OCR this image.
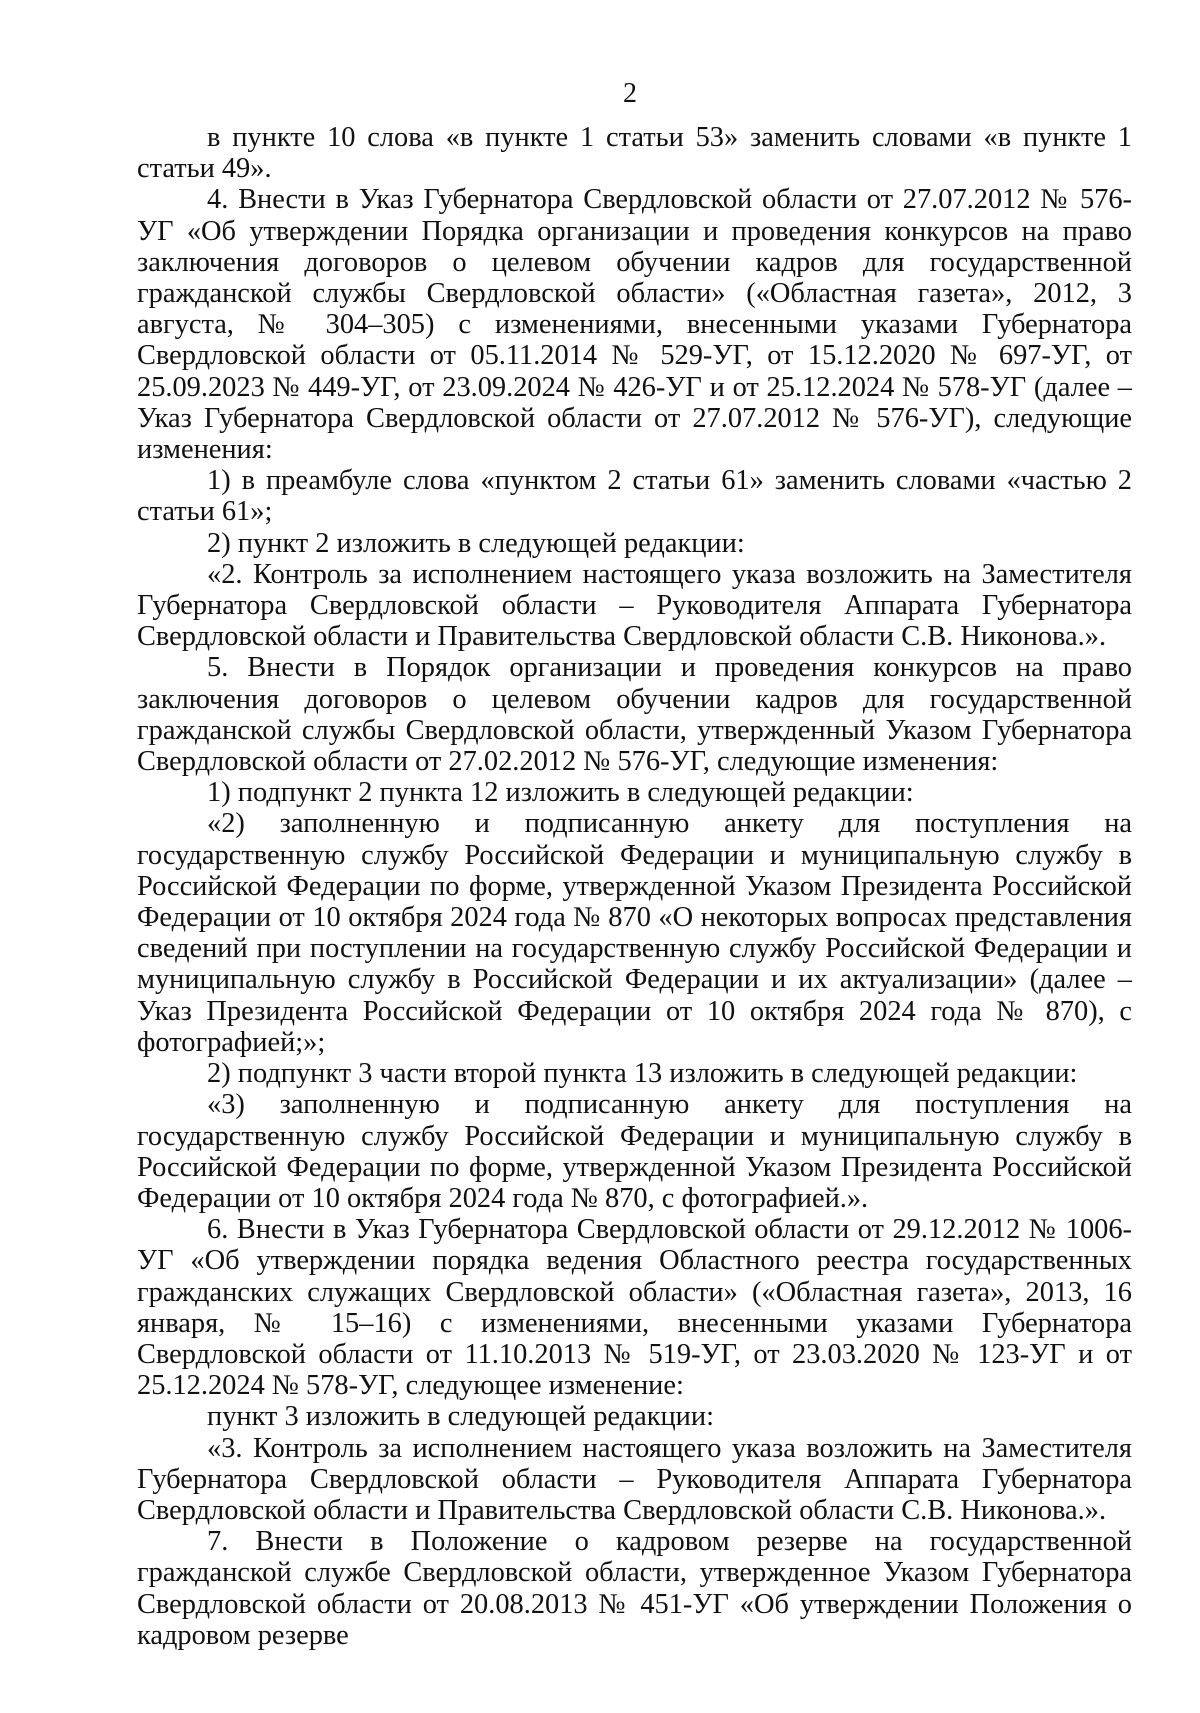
2

в пункте 10 слова «в пункте 1 статьи 53» заменить словами «в пункте 1 статьи 49».

4. Внести в Указ Губернатора Свердловской области от 27.07.2012 № 576-УГ «Об утверждении Порядка организации и проведения конкурсов на право заключения договоров о целевом обучении кадров для государственной гражданской службы Свердловской области» («Областная газета», 2012, 3 августа, № 304–305) с изменениями, внесенными указами Губернатора Свердловской области от 05.11.2014 № 529-УГ, от 15.12.2020 № 697-УГ, от 25.09.2023 № 449-УГ, от 23.09.2024 № 426-УГ и от 25.12.2024 № 578-УГ (далее – Указ Губернатора Свердловской области от 27.07.2012 № 576-УГ), следующие изменения:

1) в преамбуле слова «пунктом 2 статьи 61» заменить словами «частью 2 статьи 61»;

2) пункт 2 изложить в следующей редакции:

«2. Контроль за исполнением настоящего указа возложить на Заместителя Губернатора Свердловской области – Руководителя Аппарата Губернатора Свердловской области и Правительства Свердловской области С.В. Никонова.».

5. Внести в Порядок организации и проведения конкурсов на право заключения договоров о целевом обучении кадров для государственной гражданской службы Свердловской области, утвержденный Указом Губернатора Свердловской области от 27.02.2012 № 576-УГ, следующие изменения:

1) подпункт 2 пункта 12 изложить в следующей редакции:

«2) заполненную и подписанную анкету для поступления на государственную службу Российской Федерации и муниципальную службу в Российской Федерации по форме, утвержденной Указом Президента Российской Федерации от 10 октября 2024 года № 870 «О некоторых вопросах представления сведений при поступлении на государственную службу Российской Федерации и муниципальную службу в Российской Федерации и их актуализации» (далее – Указ Президента Российской Федерации от 10 октября 2024 года № 870), с фотографией;»;

2) подпункт 3 части второй пункта 13 изложить в следующей редакции:

«3) заполненную и подписанную анкету для поступления на государственную службу Российской Федерации и муниципальную службу в Российской Федерации по форме, утвержденной Указом Президента Российской Федерации от 10 октября 2024 года № 870, с фотографией.».

6. Внести в Указ Губернатора Свердловской области от 29.12.2012 № 1006-УГ «Об утверждении порядка ведения Областного реестра государственных гражданских служащих Свердловской области» («Областная газета», 2013, 16 января, № 15–16) с изменениями, внесенными указами Губернатора Свердловской области от 11.10.2013 № 519-УГ, от 23.03.2020 № 123-УГ и от 25.12.2024 № 578-УГ, следующее изменение:

пункт 3 изложить в следующей редакции:

«3. Контроль за исполнением настоящего указа возложить на Заместителя Губернатора Свердловской области – Руководителя Аппарата Губернатора Свердловской области и Правительства Свердловской области С.В. Никонова.».

7. Внести в Положение о кадровом резерве на государственной гражданской службе Свердловской области, утвержденное Указом Губернатора Свердловской области от 20.08.2013 № 451-УГ «Об утверждении Положения о кадровом резерве
